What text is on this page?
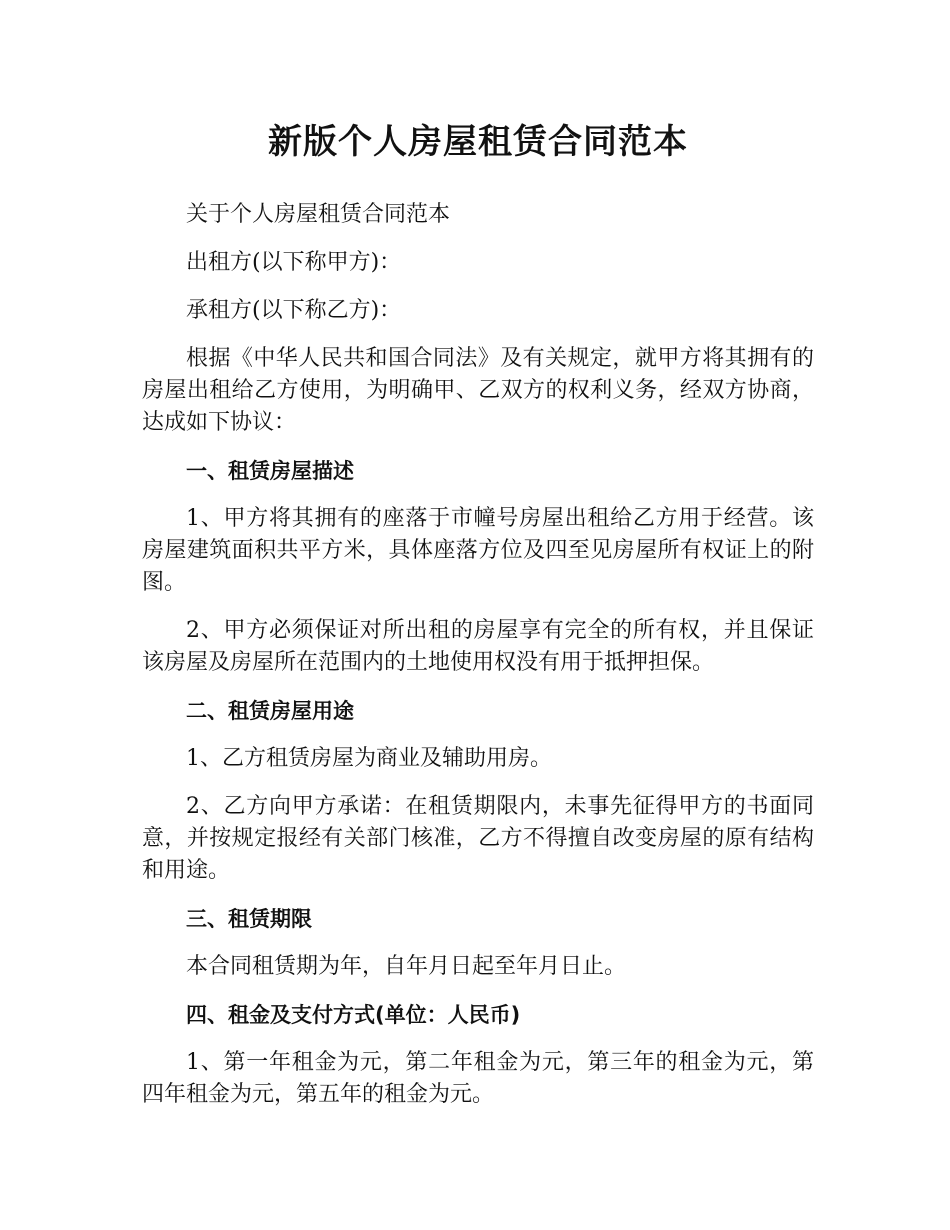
新版个人房屋租赁合同范本

关于个人房屋租赁合同范本

出租方(以下称甲方)：

承租方(以下称乙方)：

根据《中华人民共和国合同法》及有关规定，就甲方将其拥有的房屋出租给乙方使用，为明确甲、乙双方的权利义务，经双方协商，达成如下协议：

一、租赁房屋描述

1、甲方将其拥有的座落于市幢号房屋出租给乙方用于经营。该房屋建筑面积共平方米，具体座落方位及四至见房屋所有权证上的附图。

2、甲方必须保证对所出租的房屋享有完全的所有权，并且保证该房屋及房屋所在范围内的土地使用权没有用于抵押担保。

二、租赁房屋用途

1、乙方租赁房屋为商业及辅助用房。

2、乙方向甲方承诺：在租赁期限内，未事先征得甲方的书面同意，并按规定报经有关部门核准，乙方不得擅自改变房屋的原有结构和用途。

三、租赁期限

本合同租赁期为年，自年月日起至年月日止。

四、租金及支付方式(单位：人民币)

1、第一年租金为元，第二年租金为元，第三年的租金为元，第四年租金为元，第五年的租金为元。
